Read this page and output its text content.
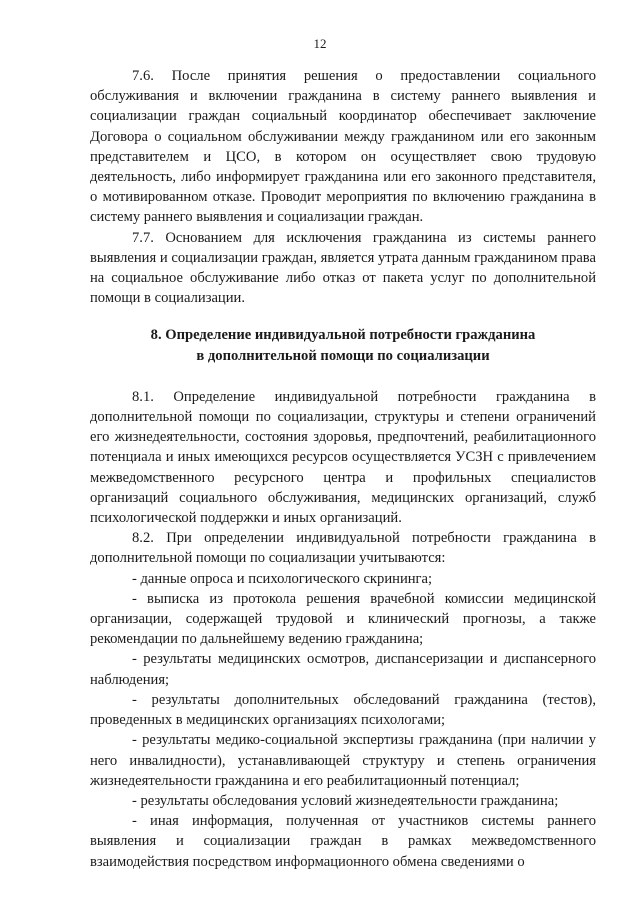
12

7.6. После принятия решения о предоставлении социального обслуживания и включении гражданина в систему раннего выявления и социализации граждан социальный координатор обеспечивает заключение Договора о социальном обслуживании между гражданином или его законным представителем и ЦСО, в котором он осуществляет свою трудовую деятельность, либо информирует гражданина или его законного представителя, о мотивированном отказе. Проводит мероприятия по включению гражданина в систему раннего выявления и социализации граждан.

7.7. Основанием для исключения гражданина из системы раннего выявления и социализации граждан, является утрата данным гражданином права на социальное обслуживание либо отказ от пакета услуг по дополнительной помощи в социализации.

8. Определение индивидуальной потребности гражданина
в дополнительной помощи по социализации

8.1. Определение индивидуальной потребности гражданина в дополнительной помощи по социализации, структуры и степени ограничений его жизнедеятельности, состояния здоровья, предпочтений, реабилитационного потенциала и иных имеющихся ресурсов осуществляется УСЗН с привлечением межведомственного ресурсного центра и профильных специалистов организаций социального обслуживания, медицинских организаций, служб психологической поддержки и иных организаций.

8.2. При определении индивидуальной потребности гражданина в дополнительной помощи по социализации учитываются:

- данные опроса и психологического скрининга;

- выписка из протокола решения врачебной комиссии медицинской организации, содержащей трудовой и клинический прогнозы, а также рекомендации по дальнейшему ведению гражданина;

- результаты медицинских осмотров, диспансеризации и диспансерного наблюдения;

- результаты дополнительных обследований гражданина (тестов), проведенных в медицинских организациях психологами;

- результаты медико-социальной экспертизы гражданина (при наличии у него инвалидности), устанавливающей структуру и степень ограничения жизнедеятельности гражданина и его реабилитационный потенциал;

- результаты обследования условий жизнедеятельности гражданина;

- иная информация, полученная от участников системы раннего выявления и социализации граждан в рамках межведомственного взаимодействия посредством информационного обмена сведениями о
